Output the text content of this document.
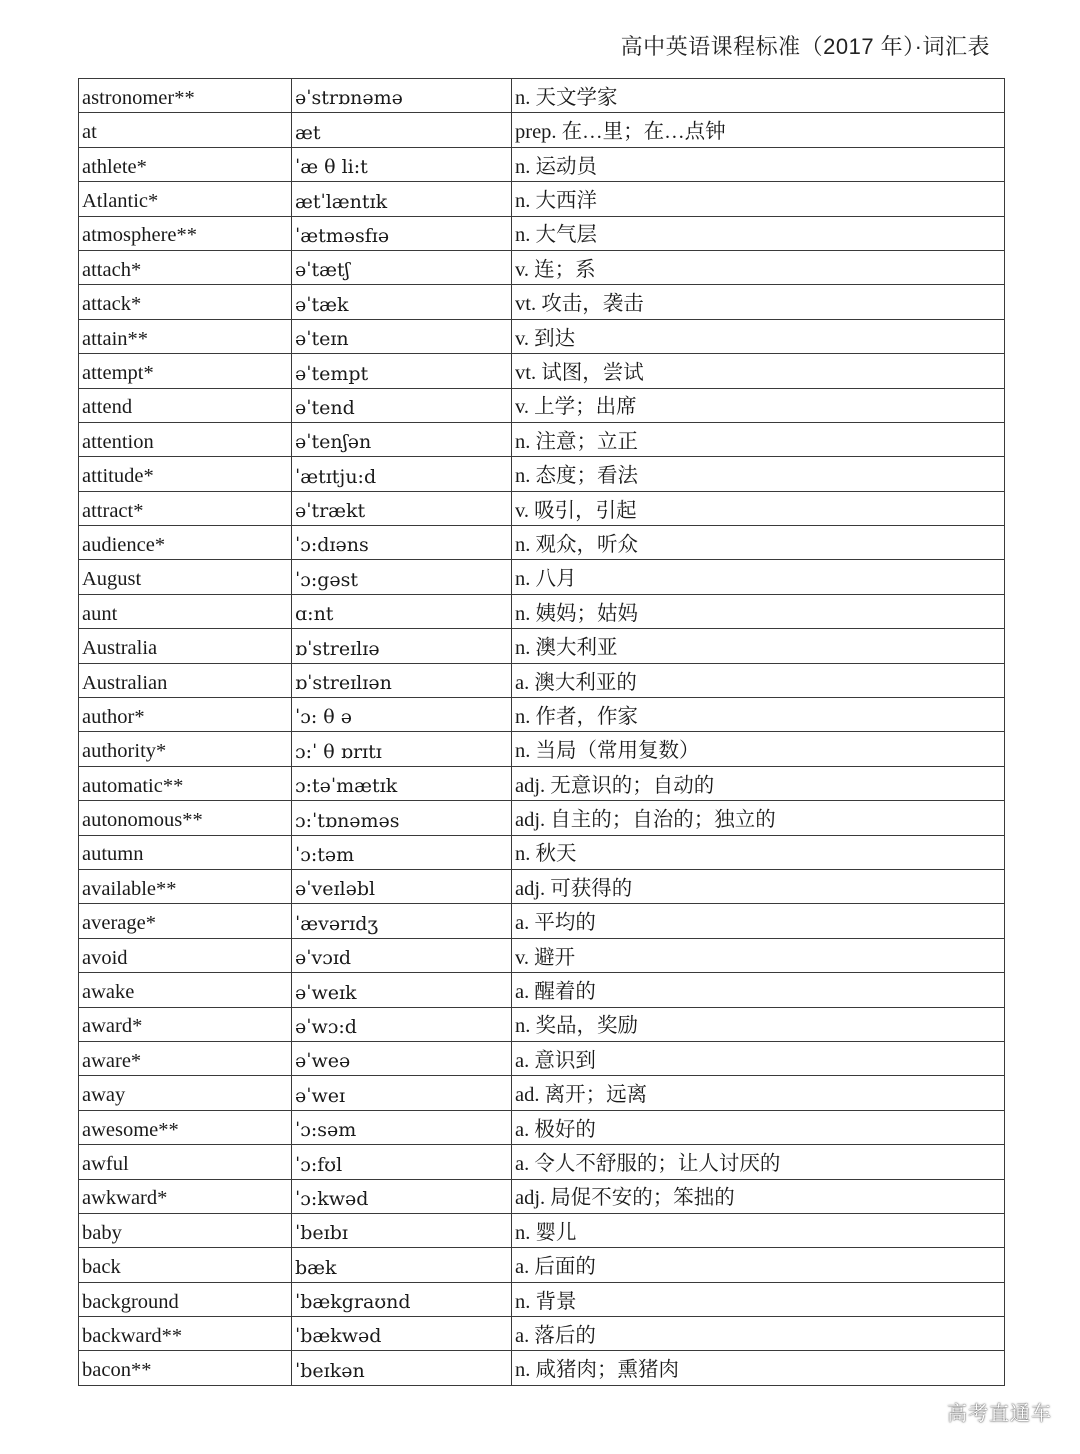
高中英语课程标准（2017 年）·词汇表
astronomer**	əˈstrɒnəmə	n. 天文学家
at	æt	prep. 在…里；在…点钟
athlete*	ˈæ θ li:t	n. 运动员
Atlantic*	ætˈlæntɪk	n. 大西洋
atmosphere**	ˈætməsfɪə	n. 大气层
attach*	əˈtætʃ	v. 连；系
attack*	əˈtæk	vt. 攻击，袭击
attain**	əˈteɪn	v. 到达
attempt*	əˈtempt	vt. 试图，尝试
attend	əˈtend	v. 上学；出席
attention	əˈtenʃən	n. 注意；立正
attitude*	ˈætɪtju:d	n. 态度；看法
attract*	əˈtrækt	v. 吸引，引起
audience*	ˈɔ:dɪəns	n. 观众，听众
August	ˈɔ:gəst	n. 八月
aunt	ɑ:nt	n. 姨妈；姑妈
Australia	ɒˈstreɪlɪə	n. 澳大利亚
Australian	ɒˈstreɪlɪən	a. 澳大利亚的
author*	ˈɔ: θ ə	n. 作者，作家
authority*	ɔ:ˈ θ ɒrɪtɪ	n. 当局（常用复数）
automatic**	ɔ:təˈmætɪk	adj. 无意识的；自动的
autonomous**	ɔ:ˈtɒnəməs	adj. 自主的；自治的；独立的
autumn	ˈɔ:təm	n. 秋天
available**	əˈveɪləbl	adj. 可获得的
average*	ˈævərɪdʒ	a. 平均的
avoid	əˈvɔɪd	v. 避开
awake	əˈweɪk	a. 醒着的
award*	əˈwɔ:d	n. 奖品，奖励
aware*	əˈweə	a. 意识到
away	əˈweɪ	ad. 离开；远离
awesome**	ˈɔ:səm	a. 极好的
awful	ˈɔ:fʊl	a. 令人不舒服的；让人讨厌的
awkward*	ˈɔ:kwəd	adj. 局促不安的；笨拙的
baby	ˈbeɪbɪ	n. 婴儿
back	bæk	a. 后面的
background	ˈbækgraʊnd	n. 背景
backward**	ˈbækwəd	a. 落后的
bacon**	ˈbeɪkən	n. 咸猪肉；熏猪肉
高考直通车
